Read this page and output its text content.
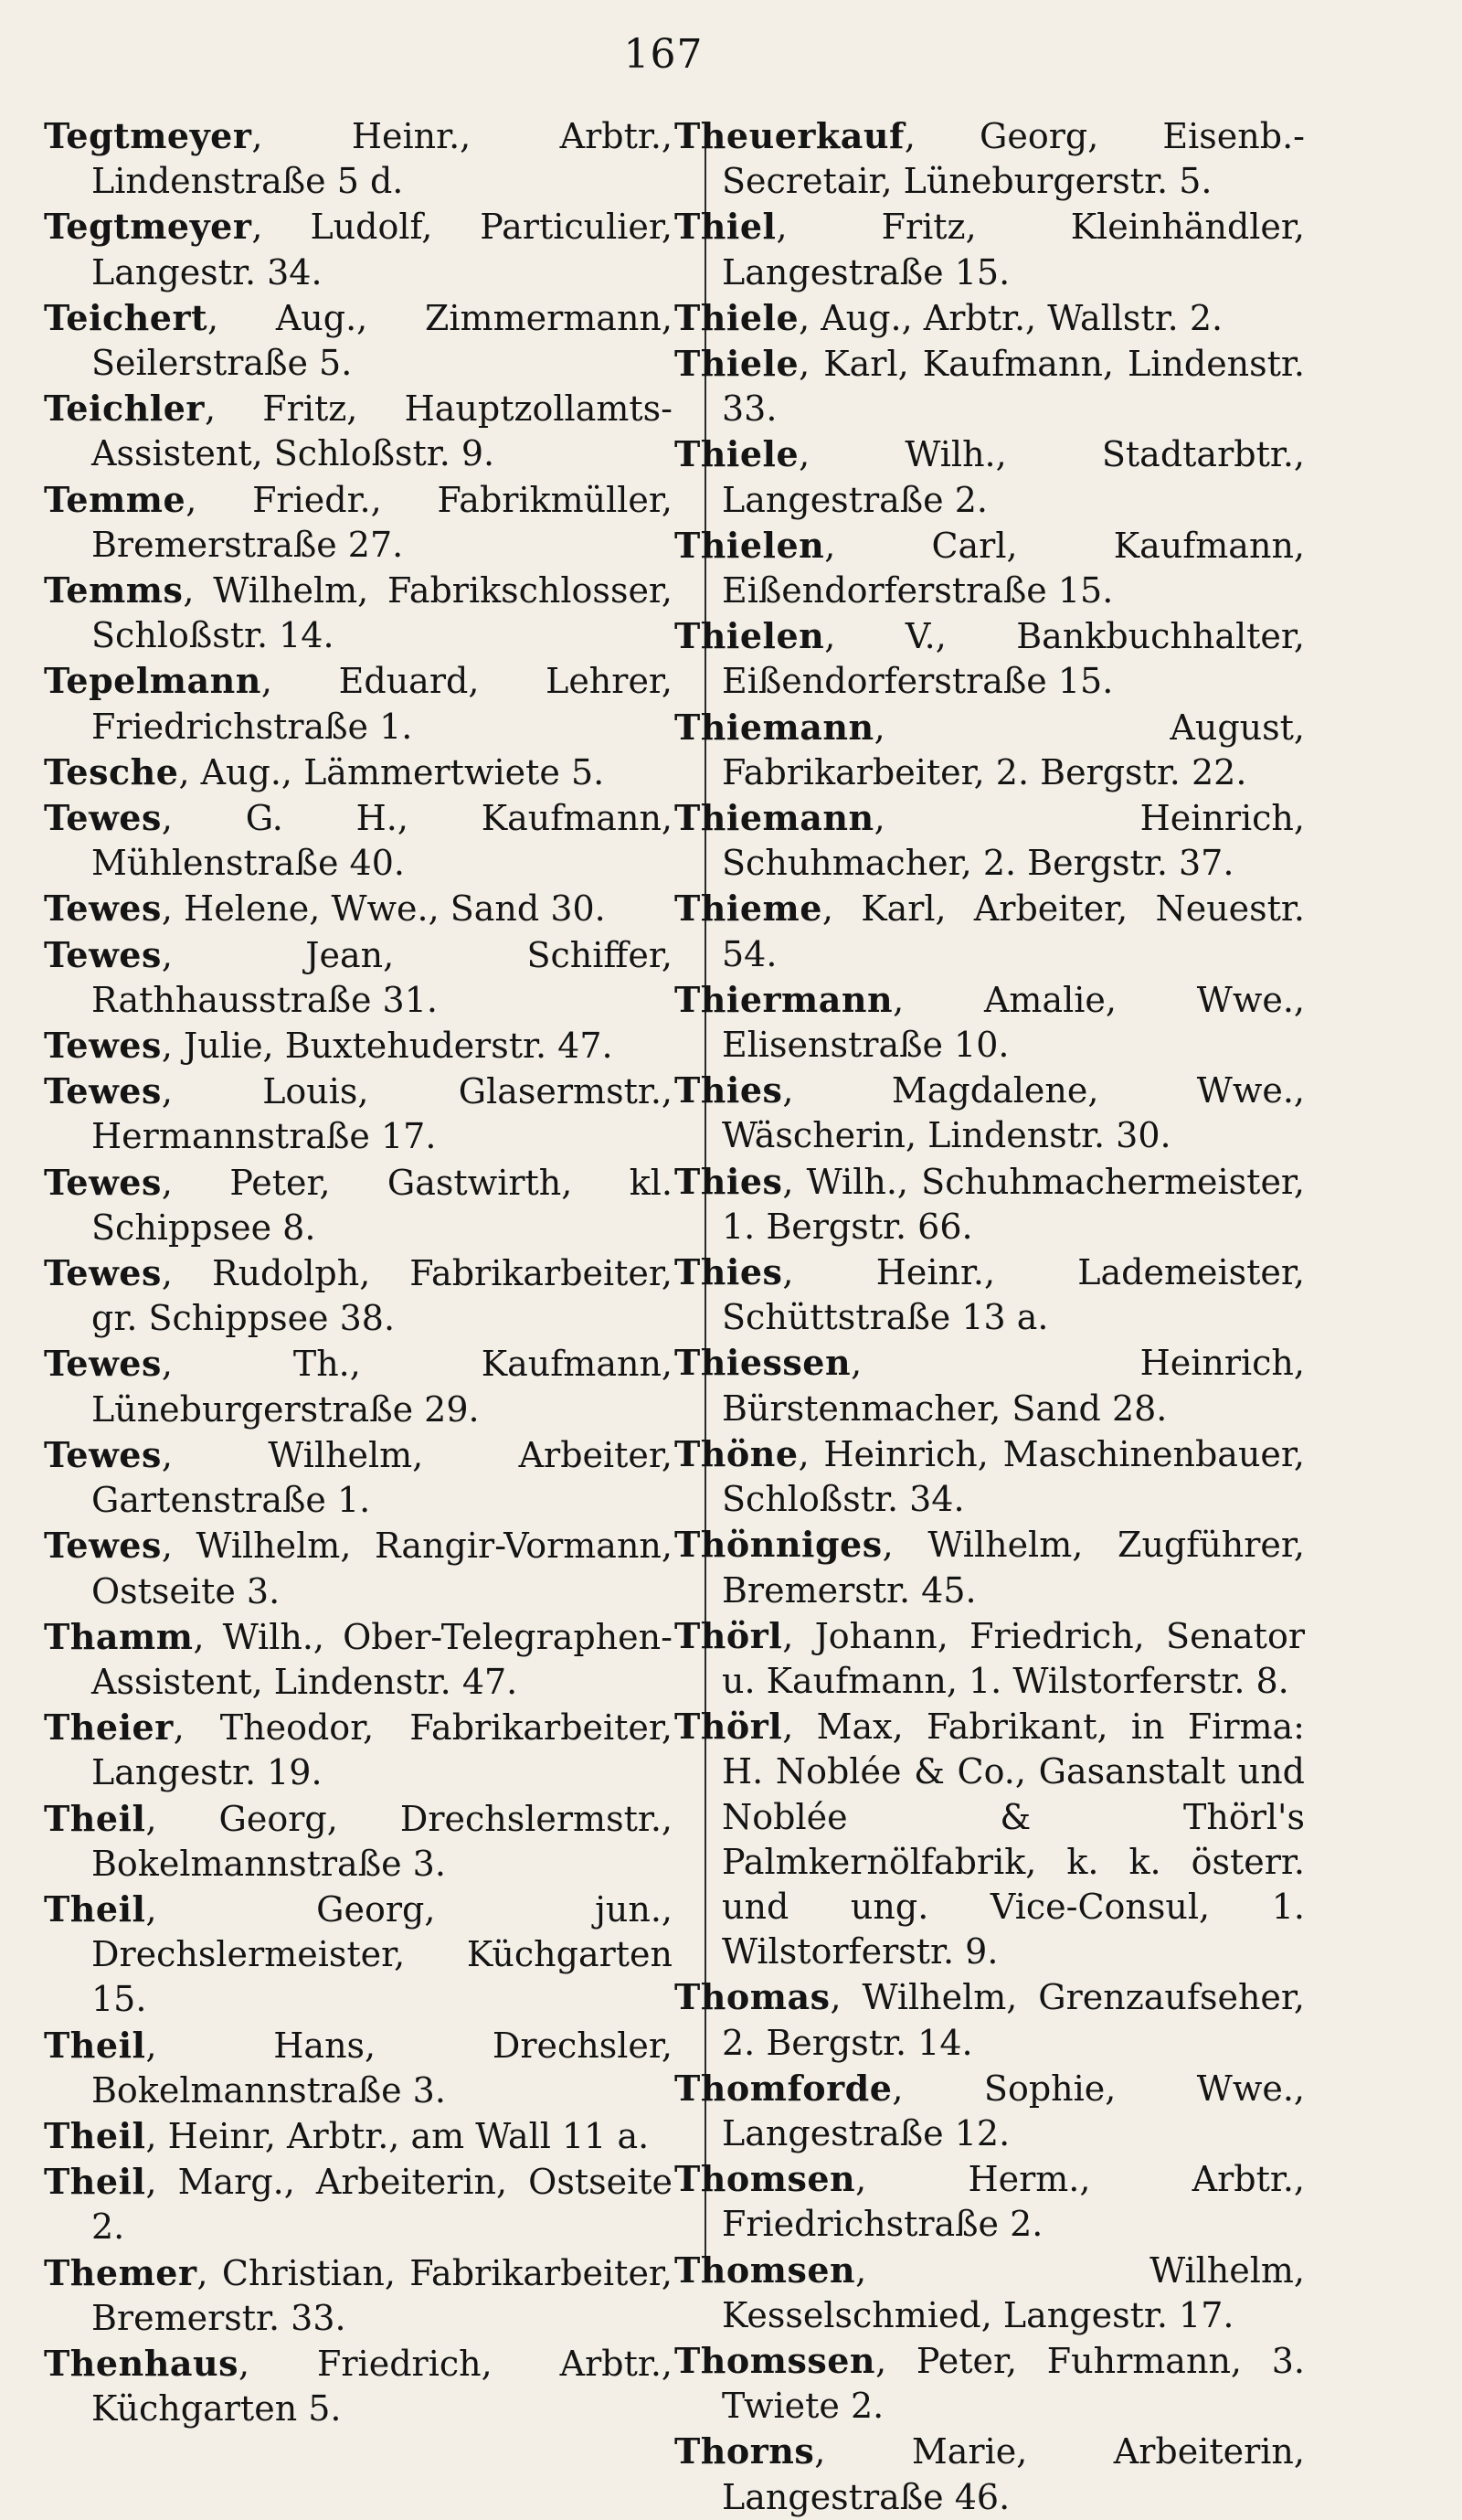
167
Tegtmeyer, Heinr., Arbtr., Lindenstraße 5 d.
Tegtmeyer, Ludolf, Particulier, Langestr. 34.
Teichert, Aug., Zimmermann, Seilerstraße 5.
Teichler, Fritz, Hauptzollamts-Assistent, Schloßstr. 9.
Temme, Friedr., Fabrikmüller, Bremerstraße 27.
Temms, Wilhelm, Fabrikschlosser, Schloßstr. 14.
Tepelmann, Eduard, Lehrer, Friedrichstraße 1.
Tesche, Aug., Lämmertwiete 5.
Tewes, G. H., Kaufmann, Mühlenstraße 40.
Tewes, Helene, Wwe., Sand 30.
Tewes, Jean, Schiffer, Rathhausstraße 31.
Tewes, Julie, Buxtehuderstr. 47.
Tewes, Louis, Glasermstr., Hermannstraße 17.
Tewes, Peter, Gastwirth, kl. Schippsee 8.
Tewes, Rudolph, Fabrikarbeiter, gr. Schippsee 38.
Tewes, Th., Kaufmann, Lüneburgerstraße 29.
Tewes, Wilhelm, Arbeiter, Gartenstraße 1.
Tewes, Wilhelm, Rangir-Vormann, Ostseite 3.
Thamm, Wilh., Ober-Telegraphen-Assistent, Lindenstr. 47.
Theier, Theodor, Fabrikarbeiter, Langestr. 19.
Theil, Georg, Drechslermstr., Bokelmannstraße 3.
Theil, Georg, jun., Drechslermeister, Küchgarten 15.
Theil, Hans, Drechsler, Bokelmannstraße 3.
Theil, Heinr, Arbtr., am Wall 11 a.
Theil, Marg., Arbeiterin, Ostseite 2.
Themer, Christian, Fabrikarbeiter, Bremerstr. 33.
Thenhaus, Friedrich, Arbtr., Küchgarten 5.
Theuerkauf, Georg, Eisenb.-Secretair, Lüneburgerstr. 5.
Thiel, Fritz, Kleinhändler, Langestraße 15.
Thiele, Aug., Arbtr., Wallstr. 2.
Thiele, Karl, Kaufmann, Lindenstr. 33.
Thiele, Wilh., Stadtarbtr., Langestraße 2.
Thielen, Carl, Kaufmann, Eißendorferstraße 15.
Thielen, V., Bankbuchhalter, Eißendorferstraße 15.
Thiemann, August, Fabrikarbeiter, 2. Bergstr. 22.
Thiemann, Heinrich, Schuhmacher, 2. Bergstr. 37.
Thieme, Karl, Arbeiter, Neuestr. 54.
Thiermann, Amalie, Wwe., Elisenstraße 10.
Thies, Magdalene, Wwe., Wäscherin, Lindenstr. 30.
Thies, Wilh., Schuhmachermeister, 1. Bergstr. 66.
Thies, Heinr., Lademeister, Schüttstraße 13 a.
Thiessen, Heinrich, Bürstenmacher, Sand 28.
Thöne, Heinrich, Maschinenbauer, Schloßstr. 34.
Thönniges, Wilhelm, Zugführer, Bremerstr. 45.
Thörl, Johann, Friedrich, Senator u. Kaufmann, 1. Wilstorferstr. 8.
Thörl, Max, Fabrikant, in Firma: H. Noblée & Co., Gasanstalt und Noblée & Thörl's Palmkernölfabrik, k. k. österr. und ung. Vice-Consul, 1. Wilstorferstr. 9.
Thomas, Wilhelm, Grenzaufseher, 2. Bergstr. 14.
Thomforde, Sophie, Wwe., Langestraße 12.
Thomsen, Herm., Arbtr., Friedrichstraße 2.
Thomsen, Wilhelm, Kesselschmied, Langestr. 17.
Thomssen, Peter, Fuhrmann, 3. Twiete 2.
Thorns, Marie, Arbeiterin, Langestraße 46.
